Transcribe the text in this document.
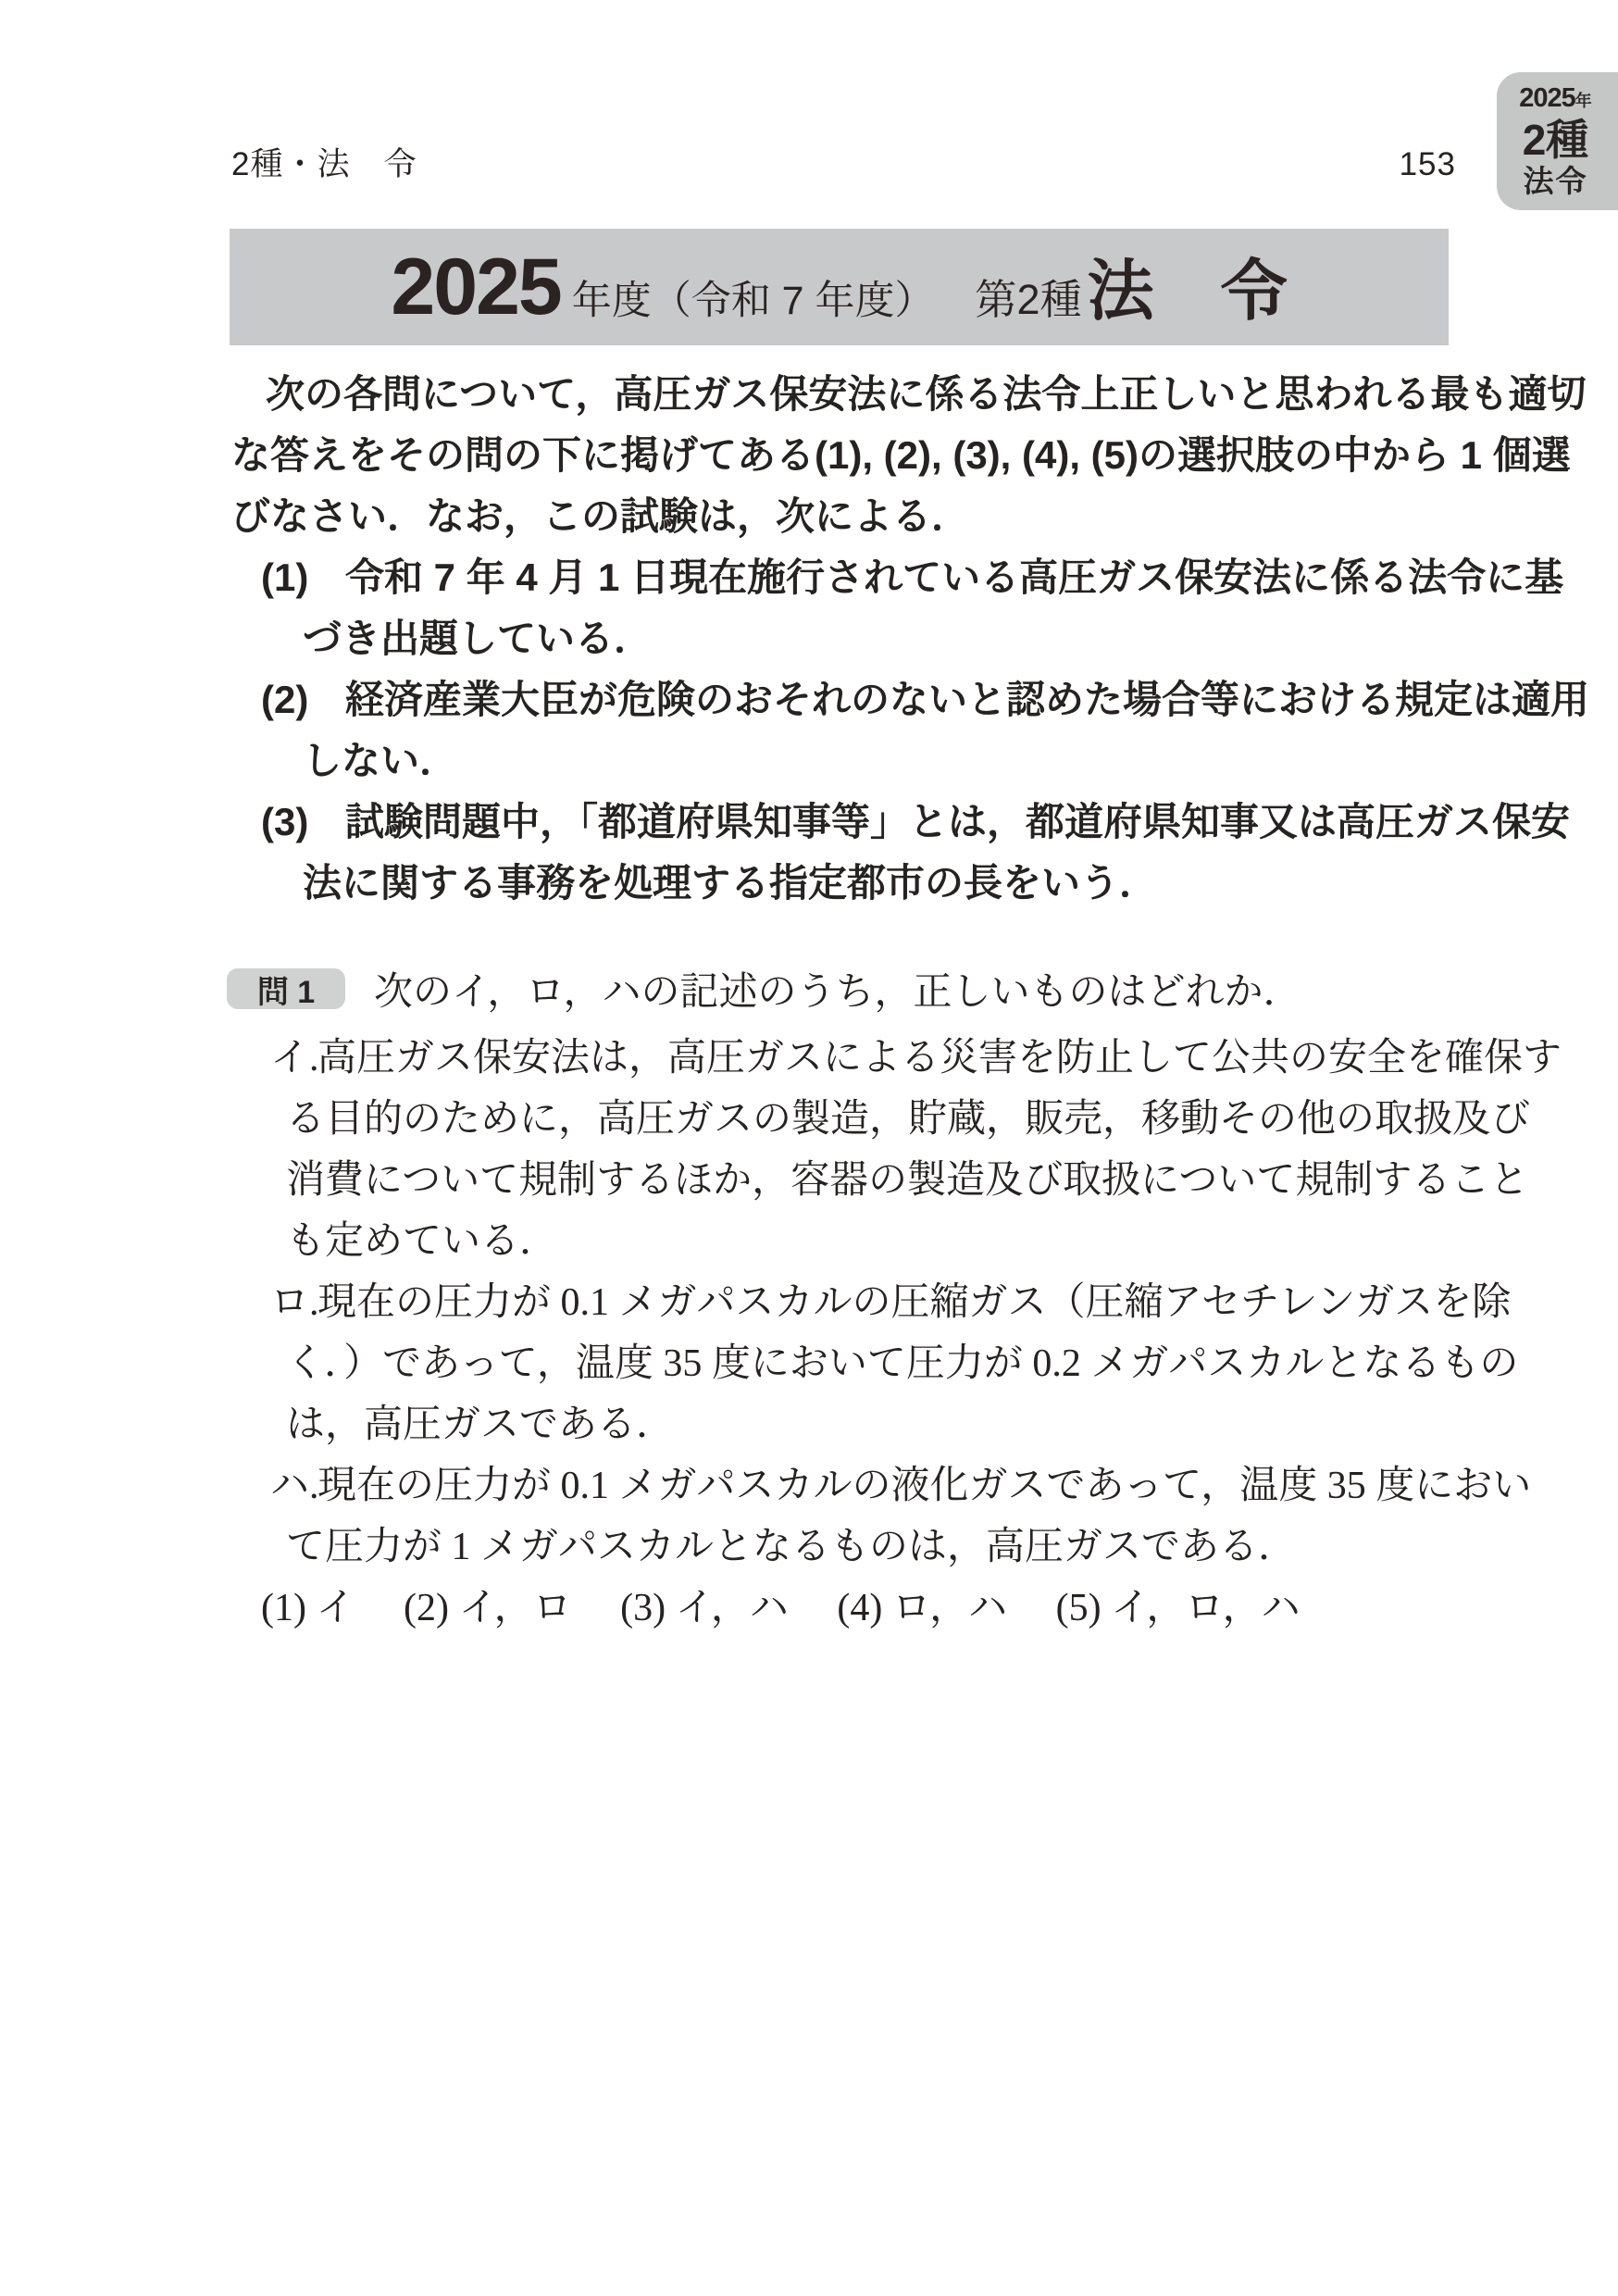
2種・法　令	153
2025年
2種
法令
2025 年度（令和 7 年度） 第2種 法　令
次の各問について，高圧ガス保安法に係る法令上正しいと思われる最も適切
な答えをその問の下に掲げてある(1), (2), (3), (4), (5)の選択肢の中から 1 個選
びなさい．なお，この試験は，次による．
(1) 令和 7 年 4 月 1 日現在施行されている高圧ガス保安法に係る法令に基
づき出題している．
(2) 経済産業大臣が危険のおそれのないと認めた場合等における規定は適用
しない．
(3) 試験問題中，「都道府県知事等」とは，都道府県知事又は高圧ガス保安
法に関する事務を処理する指定都市の長をいう．
問 1	次のイ，ロ，ハの記述のうち，正しいものはどれか．
イ.高圧ガス保安法は，高圧ガスによる災害を防止して公共の安全を確保す
る目的のために，高圧ガスの製造，貯蔵，販売，移動その他の取扱及び
消費について規制するほか，容器の製造及び取扱について規制すること
も定めている．
ロ.現在の圧力が 0.1 メガパスカルの圧縮ガス（圧縮アセチレンガスを除
く．）であって，温度 35 度において圧力が 0.2 メガパスカルとなるもの
は，高圧ガスである．
ハ.現在の圧力が 0.1 メガパスカルの液化ガスであって，温度 35 度におい
て圧力が 1 メガパスカルとなるものは，高圧ガスである．
(1) イ　 (2) イ，ロ　 (3) イ，ハ　 (4) ロ，ハ　 (5) イ，ロ，ハ
